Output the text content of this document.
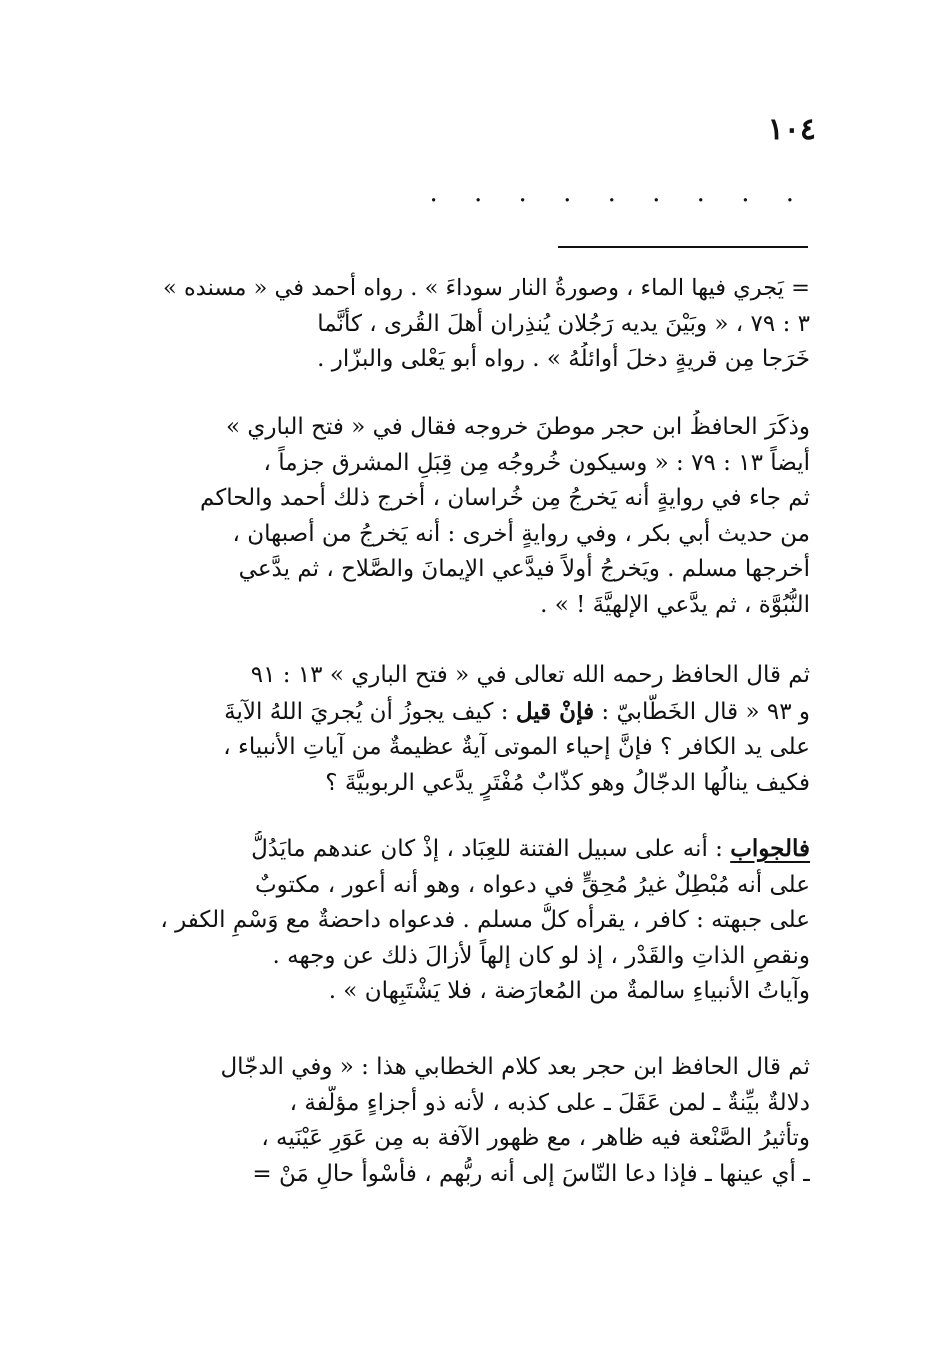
١٠٤
. . . . . . . . .
= يَجري فيها الماء ، وصورةُ النار سوداءَ » . رواه أحمد في « مسنده »
٣ : ٧٩ ، « وبَيْنَ يديه رَجُلان يُنذِران أهلَ القُرى ، كأنَّما
خَرَجا مِن قريةٍ دخلَ أوائلُهُ » . رواه أبو يَعْلى والبزّار .
وذكَرَ الحافظُ ابن حجر موطنَ خروجه فقال في « فتح الباري »
أيضاً ١٣ : ٧٩ : « وسيكون خُروجُه مِن قِبَلِ المشرق جزماً ،
ثم جاء في روايةٍ أنه يَخرجُ مِن خُراسان ، أخرج ذلك أحمد والحاكم
من حديث أبي بكر ، وفي روايةٍ أخرى : أنه يَخرجُ من أصبهان ،
أخرجها مسلم . ويَخرجُ أولاً فيدَّعي الإيمانَ والصَّلاح ، ثم يدَّعي
النُّبُوَّة ، ثم يدَّعي الإلهيَّةَ ! » .
ثم قال الحافظ رحمه الله تعالى في « فتح الباري » ١٣ : ٩١
و ٩٣ « قال الخَطّابيّ : فإنْ قيل : كيف يجوزُ أن يُجريَ اللهُ الآيةَ
على يد الكافر ؟ فإنَّ إحياء الموتى آيةٌ عظيمةٌ من آياتِ الأنبياء ،
فكيف ينالُها الدجّالُ وهو كذّابٌ مُفْتَرٍ يدَّعي الربوبيَّةَ ؟
فالجواب : أنه على سبيل الفتنة للعِبَاد ، إذْ كان عندهم مايَدُلُّ
على أنه مُبْطِلٌ غيرُ مُحِقٍّ في دعواه ، وهو أنه أعور ، مكتوبٌ
على جبهته : كافر ، يقرأه كلُّ مسلم . فدعواه داحضةٌ مع وَسْمِ الكفر ،
ونقصِ الذاتِ والقَدْر ، إذ لو كان إلهاً لأزالَ ذلك عن وجهه .
وآياتُ الأنبياءِ سالمةٌ من المُعارَضة ، فلا يَشْتَبِهان » .
ثم قال الحافظ ابن حجر بعد كلام الخطابي هذا : « وفي الدجّال
دلالةٌ بيِّنةٌ ـ لمن عَقَلَ ـ على كذبه ، لأنه ذو أجزاءٍ مؤلَّفة ،
وتأثيرُ الصَّنْعة فيه ظاهر ، مع ظهور الآفة به مِن عَوَرِ عَيْنَيه ،
ـ أي عينها ـ فإذا دعا النّاسَ إلى أنه ربُّهم ، فأسْوأُ حالِ مَنْ =
